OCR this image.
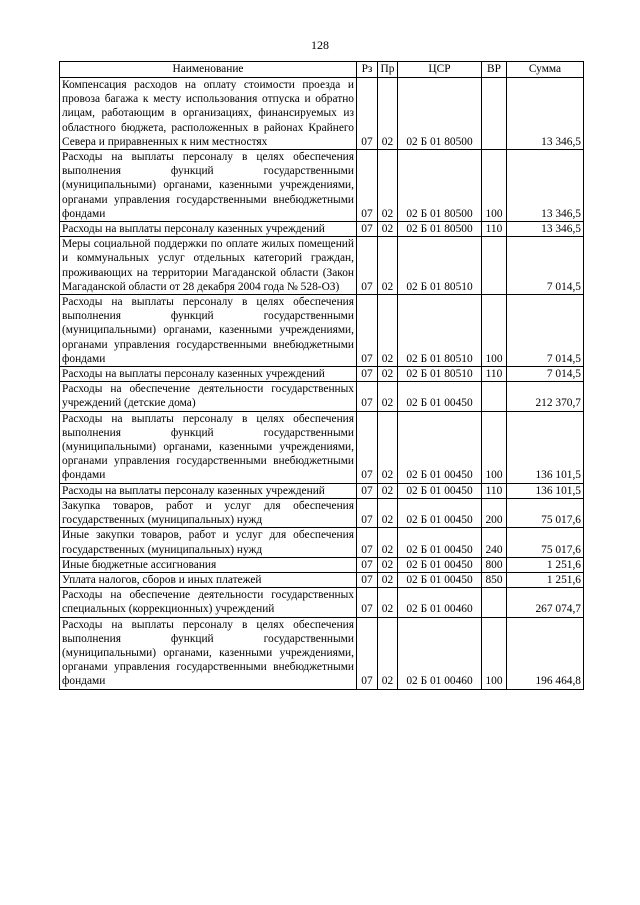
128
Наименование	Рз	Пр	ЦСР	ВР	Сумма
Компенсация расходов на оплату стоимости проезда и провоза багажа к месту использования отпуска и обратно лицам, работающим в организациях, финансируемых из областного бюджета, расположенных в районах Крайнего Севера и приравненных к ним местностях	07	02	02 Б 01 80500		13 346,5
Расходы на выплаты персоналу в целях обеспечения выполнения функций государственными (муниципальными) органами, казенными учреждениями, органами управления государственными внебюджетными фондами	07	02	02 Б 01 80500	100	13 346,5
Расходы на выплаты персоналу казенных учреждений	07	02	02 Б 01 80500	110	13 346,5
Меры социальной поддержки по оплате жилых помещений и коммунальных услуг отдельных категорий граждан, проживающих на территории Магаданской области (Закон Магаданской области от 28 декабря 2004 года № 528-ОЗ)	07	02	02 Б 01 80510		7 014,5
Расходы на выплаты персоналу в целях обеспечения выполнения функций государственными (муниципальными) органами, казенными учреждениями, органами управления государственными внебюджетными фондами	07	02	02 Б 01 80510	100	7 014,5
Расходы на выплаты персоналу казенных учреждений	07	02	02 Б 01 80510	110	7 014,5
Расходы на обеспечение деятельности государственных учреждений (детские дома)	07	02	02 Б 01 00450		212 370,7
Расходы на выплаты персоналу в целях обеспечения выполнения функций государственными (муниципальными) органами, казенными учреждениями, органами управления государственными внебюджетными фондами	07	02	02 Б 01 00450	100	136 101,5
Расходы на выплаты персоналу казенных учреждений	07	02	02 Б 01 00450	110	136 101,5
Закупка товаров, работ и услуг для обеспечения государственных (муниципальных) нужд	07	02	02 Б 01 00450	200	75 017,6
Иные закупки товаров, работ и услуг для обеспечения государственных (муниципальных) нужд	07	02	02 Б 01 00450	240	75 017,6
Иные бюджетные ассигнования	07	02	02 Б 01 00450	800	1 251,6
Уплата налогов, сборов и иных платежей	07	02	02 Б 01 00450	850	1 251,6
Расходы на обеспечение деятельности государственных специальных (коррекционных) учреждений	07	02	02 Б 01 00460		267 074,7
Расходы на выплаты персоналу в целях обеспечения выполнения функций государственными (муниципальными) органами, казенными учреждениями, органами управления государственными внебюджетными фондами	07	02	02 Б 01 00460	100	196 464,8
